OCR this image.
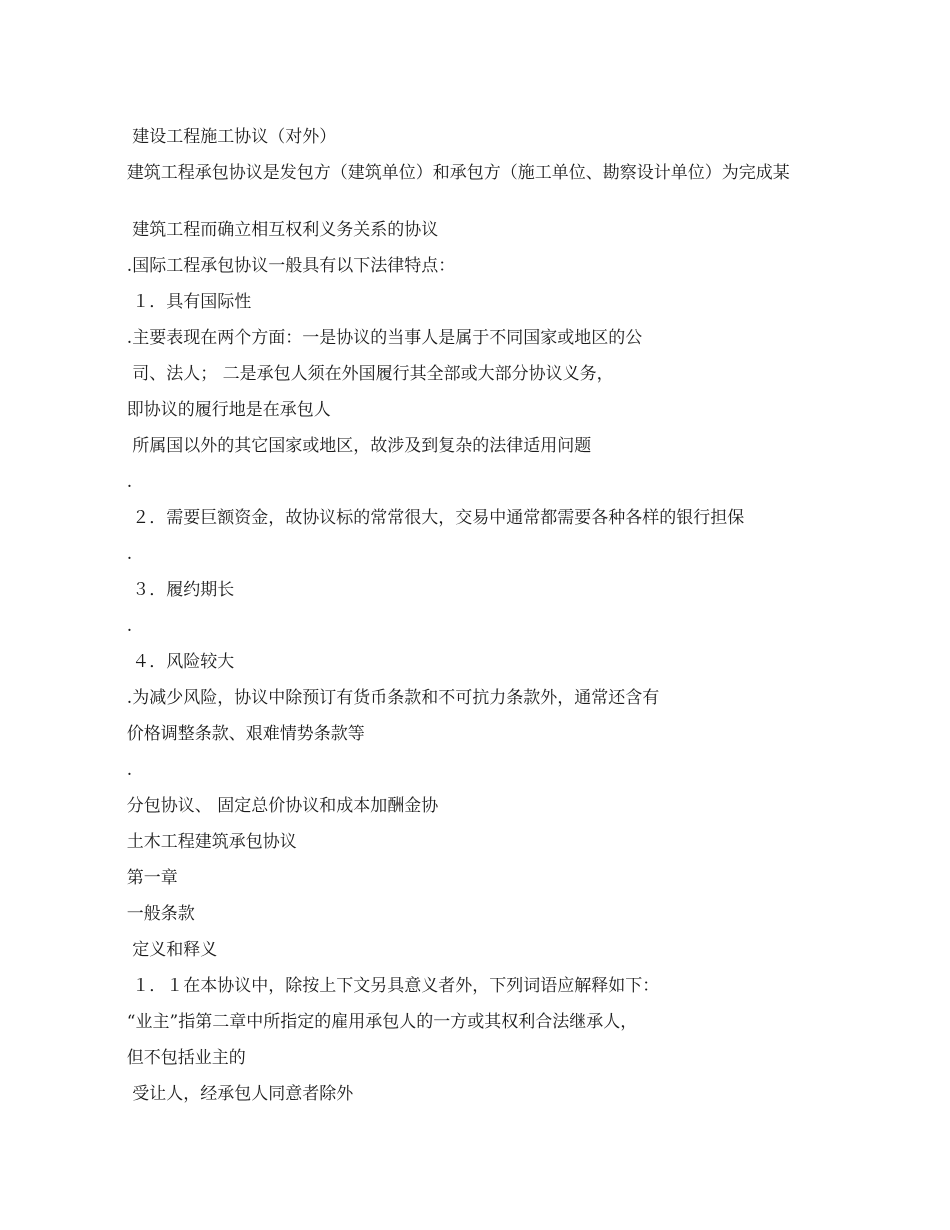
建设工程施工协议（对外）
建筑工程承包协议是发包方（建筑单位）和承包方（施工单位、勘察设计单位）为完成某
建筑工程而确立相互权利义务关系的协议
.国际工程承包协议一般具有以下法律特点：
１．具有国际性
.主要表现在两个方面：一是协议的当事人是属于不同国家或地区的公
司、法人； 二是承包人须在外国履行其全部或大部分协议义务，
即协议的履行地是在承包人
所属国以外的其它国家或地区，故涉及到复杂的法律适用问题
.
２．需要巨额资金，故协议标的常常很大，交易中通常都需要各种各样的银行担保
.
３．履约期长
.
４．风险较大
.为减少风险，协议中除预订有货币条款和不可抗力条款外，通常还含有
价格调整条款、艰难情势条款等
.
分包协议、 固定总价协议和成本加酬金协
土木工程建筑承包协议
第一章
一般条款
定义和释义
１．１在本协议中，除按上下文另具意义者外，下列词语应解释如下：
“业主”指第二章中所指定的雇用承包人的一方或其权利合法继承人，
但不包括业主的
受让人，经承包人同意者除外
